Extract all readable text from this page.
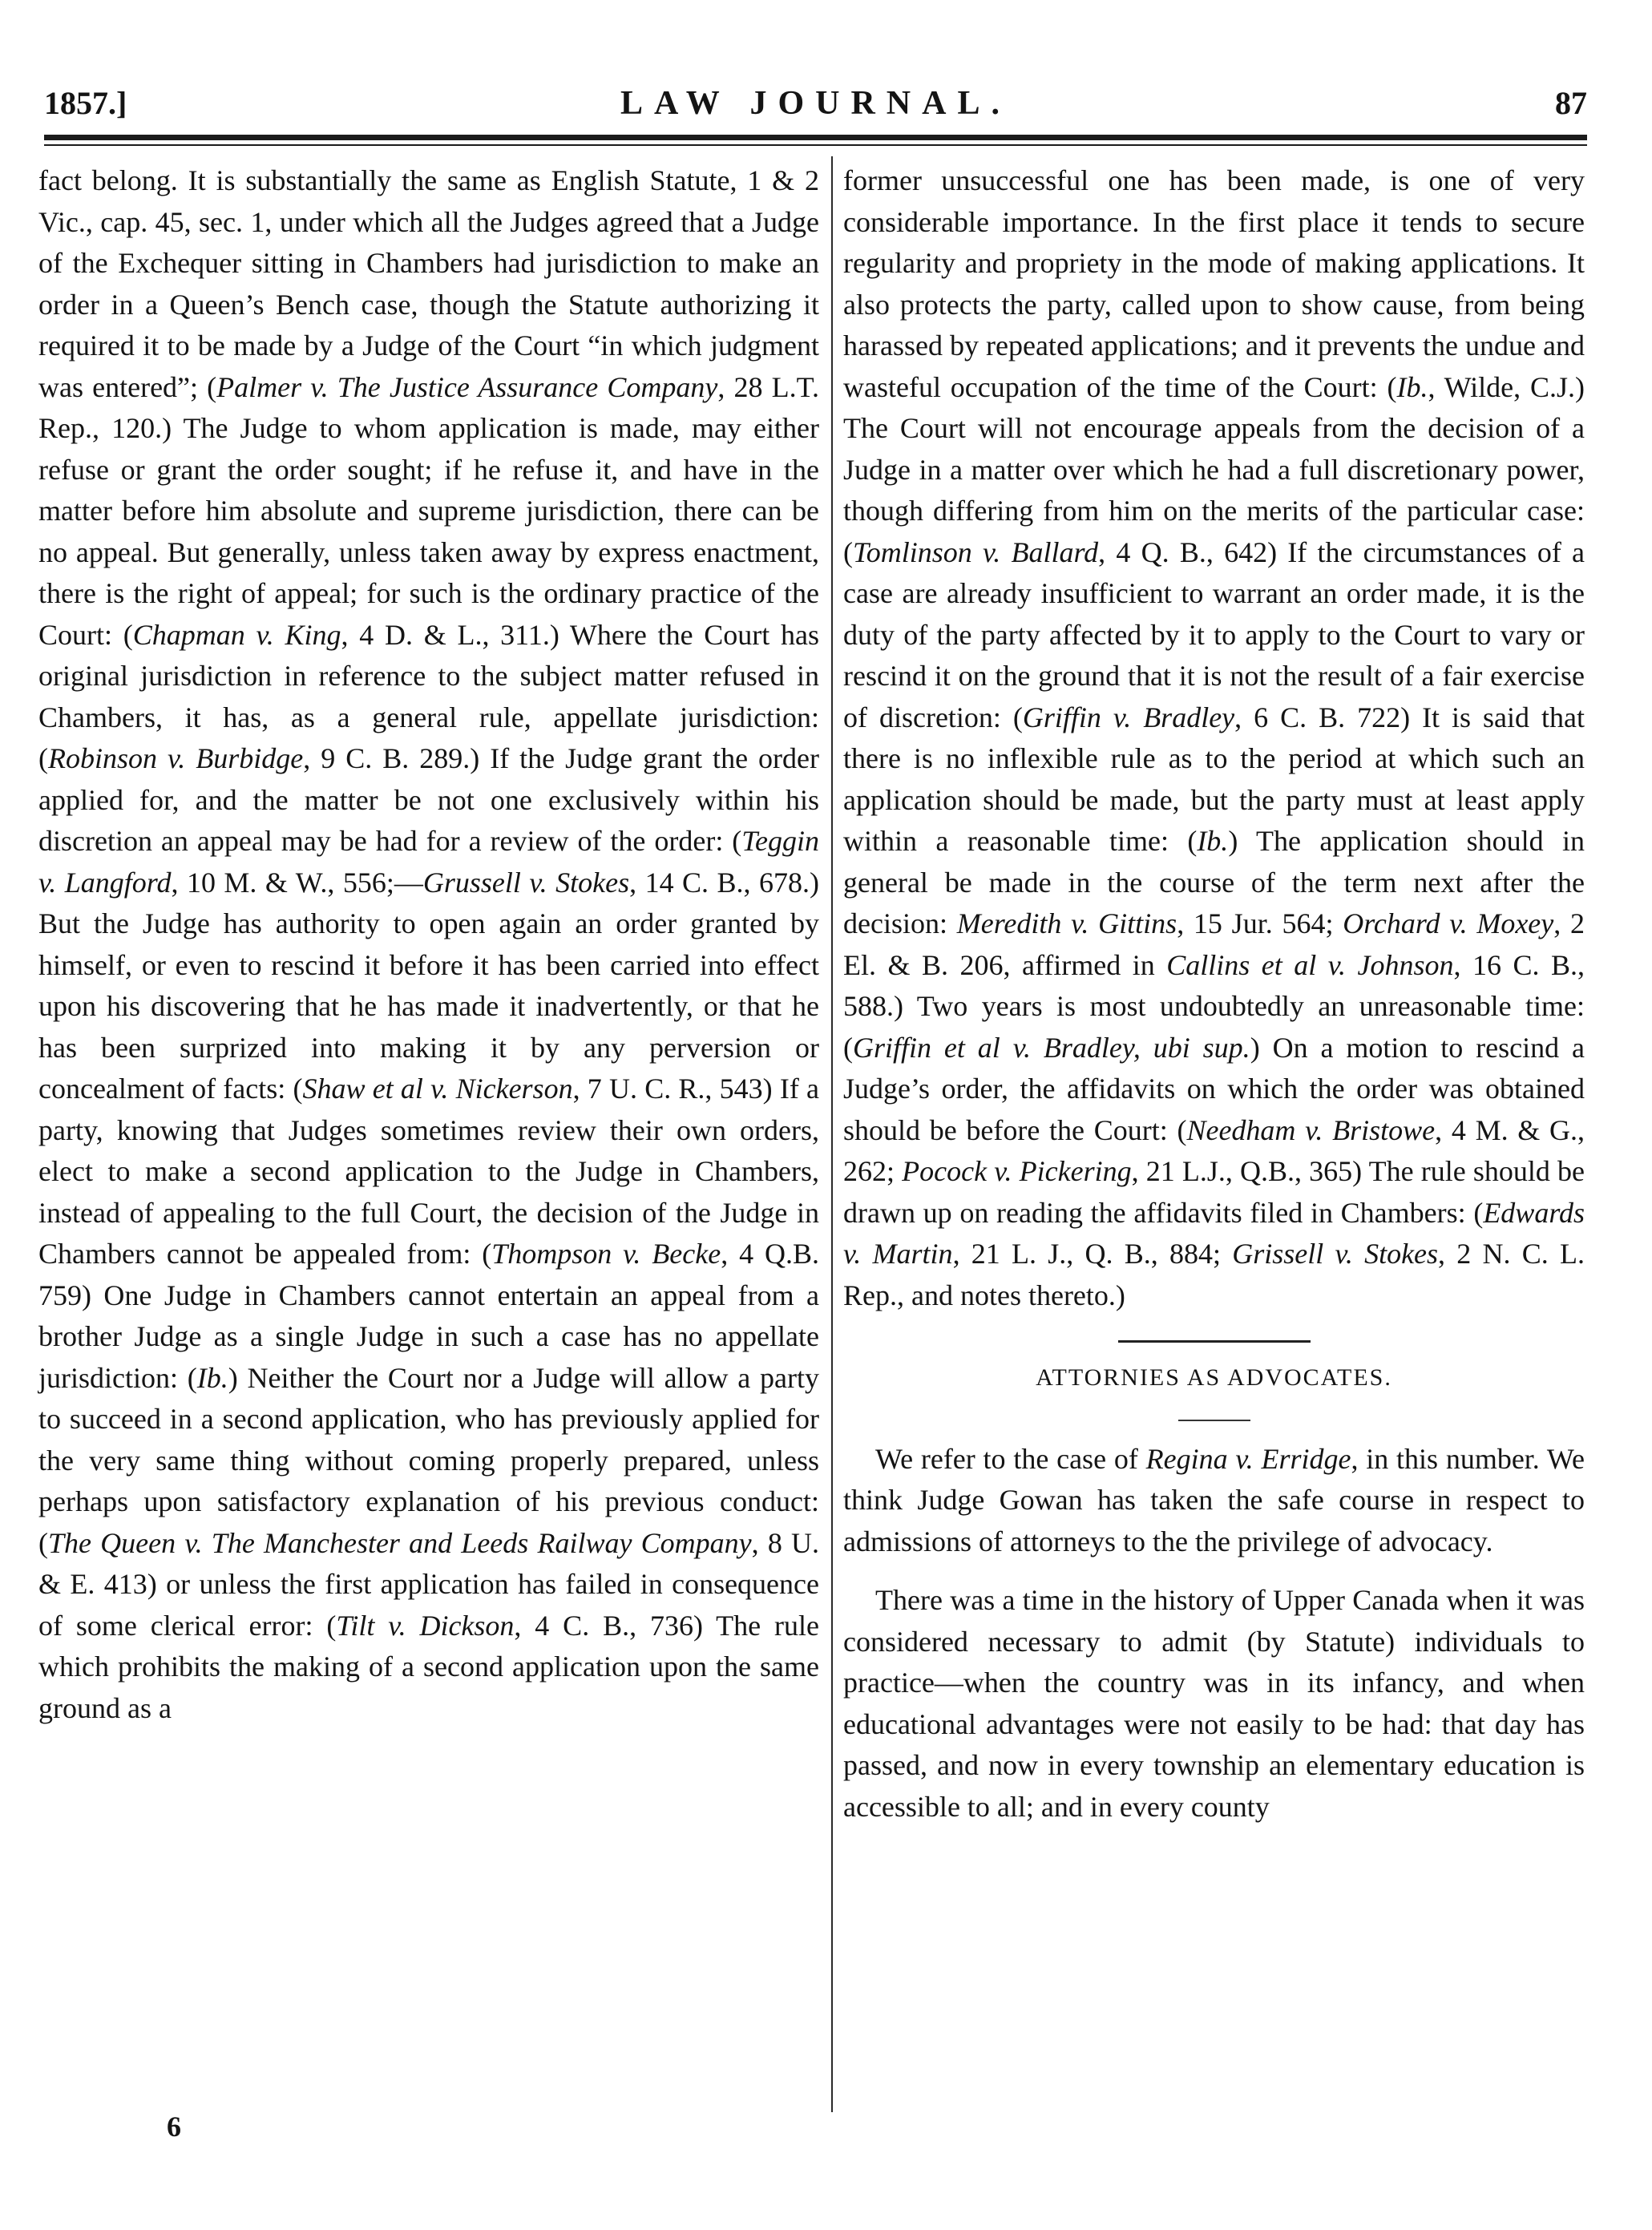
1857.]	LAW JOURNAL.	87

fact belong. It is substantially the same as English Statute, 1 & 2 Vic., cap. 45, sec. 1, under which all the Judges agreed that a Judge of the Exchequer sitting in Chambers had jurisdiction to make an order in a Queen’s Bench case, though the Statute authorizing it required it to be made by a Judge of the Court “in which judgment was entered”; (Palmer v. The Justice Assurance Company, 28 L.T. Rep., 120.) The Judge to whom application is made, may either refuse or grant the order sought; if he refuse it, and have in the matter before him absolute and supreme jurisdiction, there can be no appeal. But generally, unless taken away by express enactment, there is the right of appeal; for such is the ordinary practice of the Court: (Chapman v. King, 4 D. & L., 311.) Where the Court has original jurisdiction in reference to the subject matter refused in Chambers, it has, as a general rule, appellate jurisdiction: (Robinson v. Burbidge, 9 C. B. 289.) If the Judge grant the order applied for, and the matter be not one exclusively within his discretion an appeal may be had for a review of the order: (Teggin v. Langford, 10 M. & W., 556;—Grussell v. Stokes, 14 C. B., 678.) But the Judge has authority to open again an order granted by himself, or even to rescind it before it has been carried into effect upon his discovering that he has made it inadvertently, or that he has been surprized into making it by any perversion or concealment of facts: (Shaw et al v. Nickerson, 7 U. C. R., 543) If a party, knowing that Judges sometimes review their own orders, elect to make a second application to the Judge in Chambers, instead of appealing to the full Court, the decision of the Judge in Chambers cannot be appealed from: (Thompson v. Becke, 4 Q.B. 759) One Judge in Chambers cannot entertain an appeal from a brother Judge as a single Judge in such a case has no appellate jurisdiction: (Ib.) Neither the Court nor a Judge will allow a party to succeed in a second application, who has previously applied for the very same thing without coming properly prepared, unless perhaps upon satisfactory explanation of his previous conduct: (The Queen v. The Manchester and Leeds Railway Company, 8 U. & E. 413) or unless the first application has failed in consequence of some clerical error: (Tilt v. Dickson, 4 C. B., 736) The rule which prohibits the making of a second application upon the same ground as a

former unsuccessful one has been made, is one of very considerable importance. In the first place it tends to secure regularity and propriety in the mode of making applications. It also protects the party, called upon to show cause, from being harassed by repeated applications; and it prevents the undue and wasteful occupation of the time of the Court: (Ib., Wilde, C.J.) The Court will not encourage appeals from the decision of a Judge in a matter over which he had a full discretionary power, though differing from him on the merits of the particular case: (Tomlinson v. Ballard, 4 Q. B., 642) If the circumstances of a case are already insufficient to warrant an order made, it is the duty of the party affected by it to apply to the Court to vary or rescind it on the ground that it is not the result of a fair exercise of discretion: (Griffin v. Bradley, 6 C. B. 722) It is said that there is no inflexible rule as to the period at which such an application should be made, but the party must at least apply within a reasonable time: (Ib.) The application should in general be made in the course of the term next after the decision: Meredith v. Gittins, 15 Jur. 564; Orchard v. Moxey, 2 El. & B. 206, affirmed in Callins et al v. Johnson, 16 C. B., 588.) Two years is most undoubtedly an unreasonable time: (Griffin et al v. Bradley, ubi sup.) On a motion to rescind a Judge’s order, the affidavits on which the order was obtained should be before the Court: (Needham v. Bristowe, 4 M. & G., 262; Pocock v. Pickering, 21 L.J., Q.B., 365) The rule should be drawn up on reading the affidavits filed in Chambers: (Edwards v. Martin, 21 L. J., Q. B., 884; Grissell v. Stokes, 2 N. C. L. Rep., and notes thereto.)

ATTORNIES AS ADVOCATES.

We refer to the case of Regina v. Erridge, in this number. We think Judge Gowan has taken the safe course in respect to admissions of attorneys to the the privilege of advocacy.

There was a time in the history of Upper Canada when it was considered necessary to admit (by Statute) individuals to practice—when the country was in its infancy, and when educational advantages were not easily to be had: that day has passed, and now in every township an elementary education is accessible to all; and in every county

6
